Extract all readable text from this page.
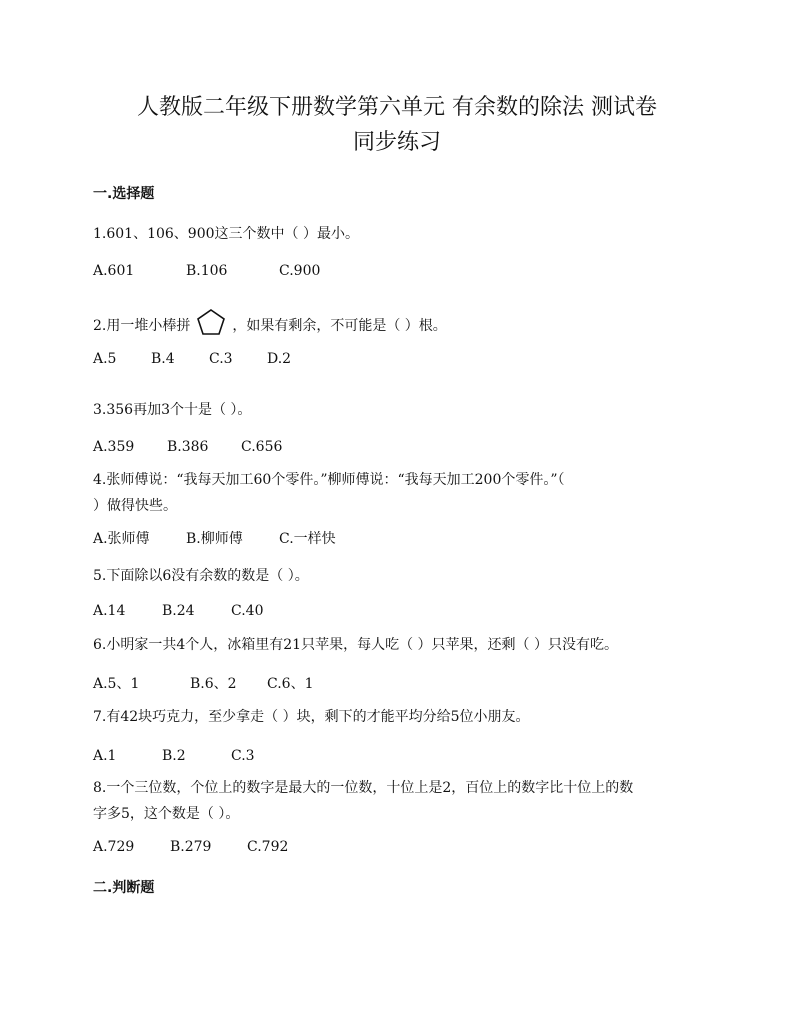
人教版二年级下册数学第六单元 有余数的除法 测试卷
同步练习
一.选择题
1.601、106、900这三个数中（ ）最小。
A.601	B.106	C.900
2.用一堆小棒拼	，如果有剩余，不可能是（ ）根。
A.5 B.4 C.3 D.2
3.356再加3个十是（ ）。
A.359 B.386 C.656
4.张师傅说：“我每天加工60个零件。”柳师傅说：“我每天加工200个零件。”（
）做得快些。
A.张师傅	B.柳师傅	C.一样快
5.下面除以6没有余数的数是（ ）。
A.14	B.24	C.40
6.小明家一共4个人，冰箱里有21只苹果，每人吃（ ）只苹果，还剩（ ）只没有吃。
A.5、1	B.6、2 C.6、1
7.有42块巧克力，至少拿走（ ）块，剩下的才能平均分给5位小朋友。
A.1	B.2	C.3
8.一个三位数，个位上的数字是最大的一位数，十位上是2，百位上的数字比十位上的数
字多5，这个数是（ ）。
A.729	B.279	C.792
二.判断题
